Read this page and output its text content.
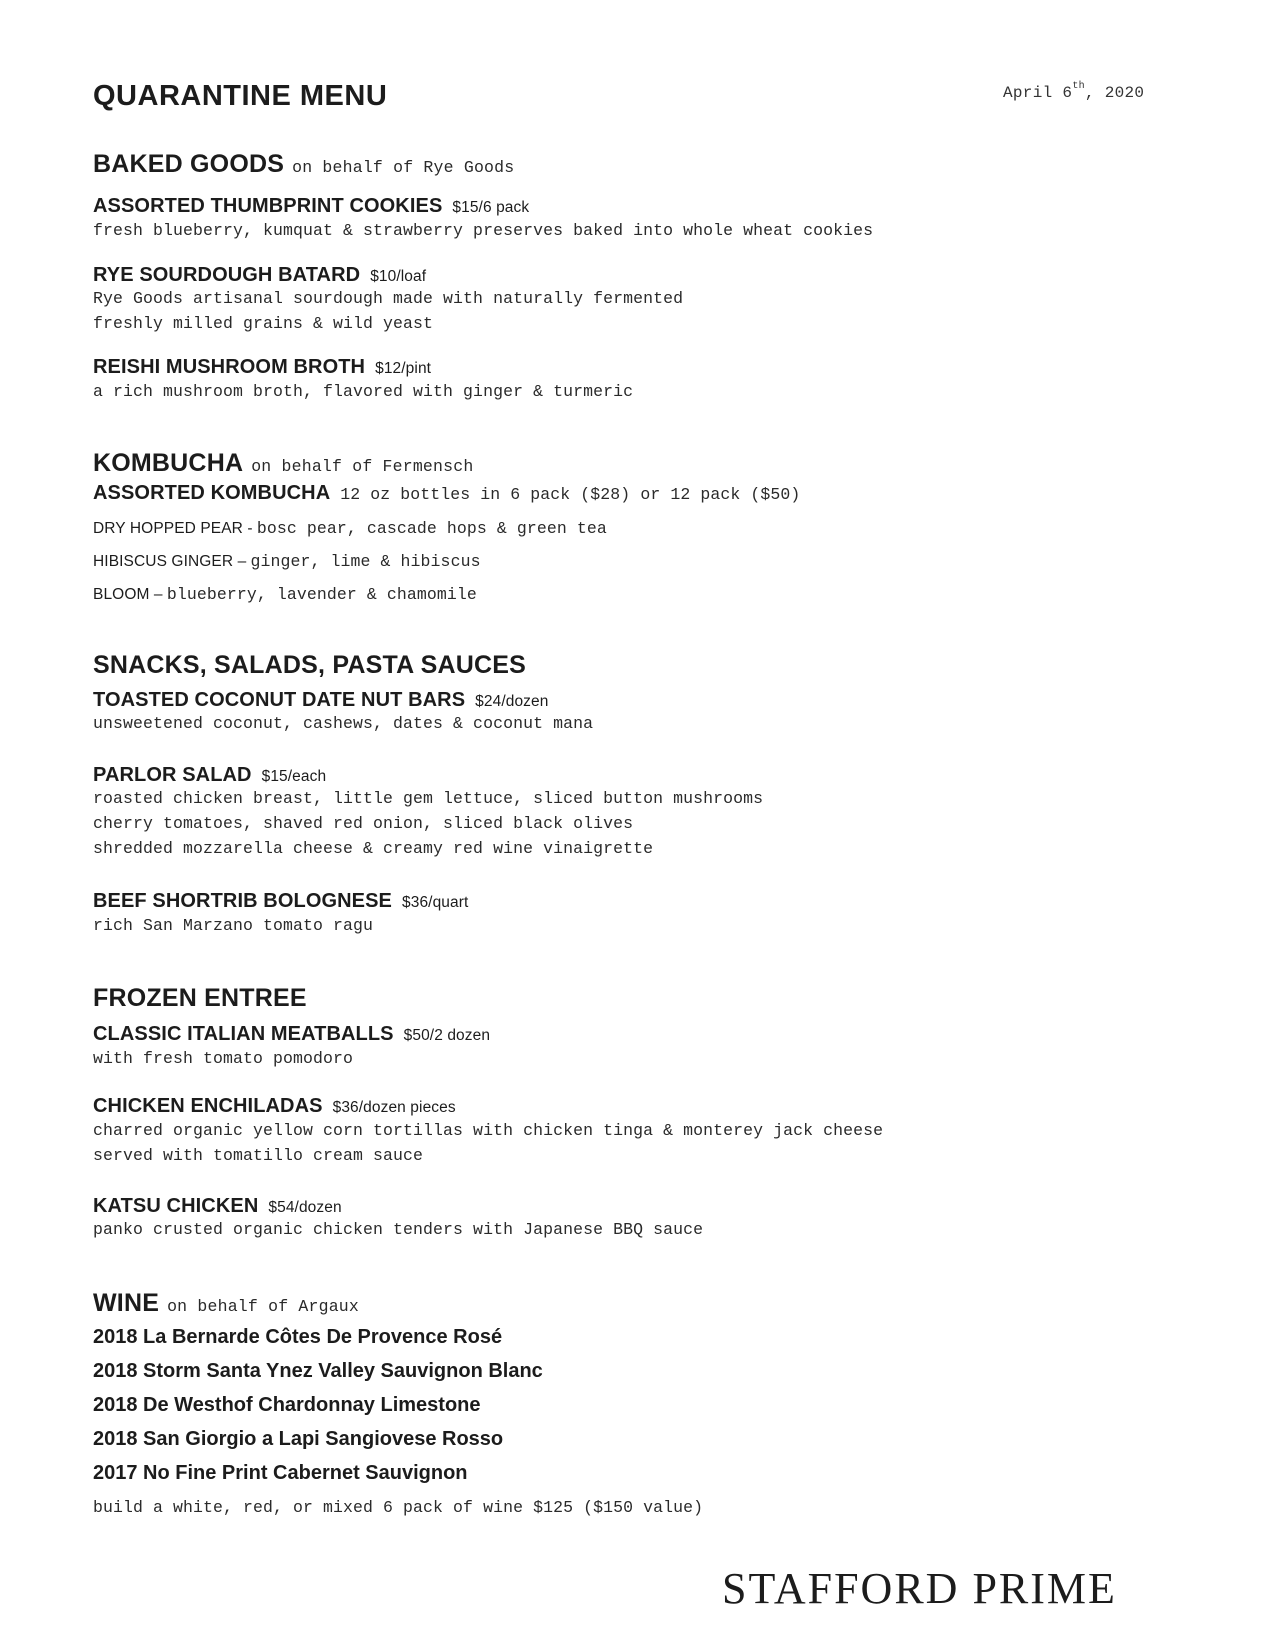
QUARANTINE MENU	April 6th, 2020
BAKED GOODS on behalf of Rye Goods
ASSORTED THUMBPRINT COOKIES $15/6 pack
fresh blueberry, kumquat & strawberry preserves baked into whole wheat cookies
RYE SOURDOUGH BATARD $10/loaf
Rye Goods artisanal sourdough made with naturally fermented
freshly milled grains & wild yeast
REISHI MUSHROOM BROTH $12/pint
a rich mushroom broth, flavored with ginger & turmeric
KOMBUCHA on behalf of Fermensch
ASSORTED KOMBUCHA 12 oz bottles in 6 pack ($28) or 12 pack ($50)
DRY HOPPED PEAR - bosc pear, cascade hops & green tea
HIBISCUS GINGER – ginger, lime & hibiscus
BLOOM – blueberry, lavender & chamomile
SNACKS, SALADS, PASTA SAUCES
TOASTED COCONUT DATE NUT BARS $24/dozen
unsweetened coconut, cashews, dates & coconut mana
PARLOR SALAD $15/each
roasted chicken breast, little gem lettuce, sliced button mushrooms
cherry tomatoes, shaved red onion, sliced black olives
shredded mozzarella cheese & creamy red wine vinaigrette
BEEF SHORTRIB BOLOGNESE $36/quart
rich San Marzano tomato ragu
FROZEN ENTREE
CLASSIC ITALIAN MEATBALLS $50/2 dozen
with fresh tomato pomodoro
CHICKEN ENCHILADAS $36/dozen pieces
charred organic yellow corn tortillas with chicken tinga & monterey jack cheese
served with tomatillo cream sauce
KATSU CHICKEN $54/dozen
panko crusted organic chicken tenders with Japanese BBQ sauce
WINE on behalf of Argaux
2018 La Bernarde Côtes De Provence Rosé
2018 Storm Santa Ynez Valley Sauvignon Blanc
2018 De Westhof Chardonnay Limestone
2018 San Giorgio a Lapi Sangiovese Rosso
2017 No Fine Print Cabernet Sauvignon
build a white, red, or mixed 6 pack of wine $125 ($150 value)
STAFFORD PRIME
